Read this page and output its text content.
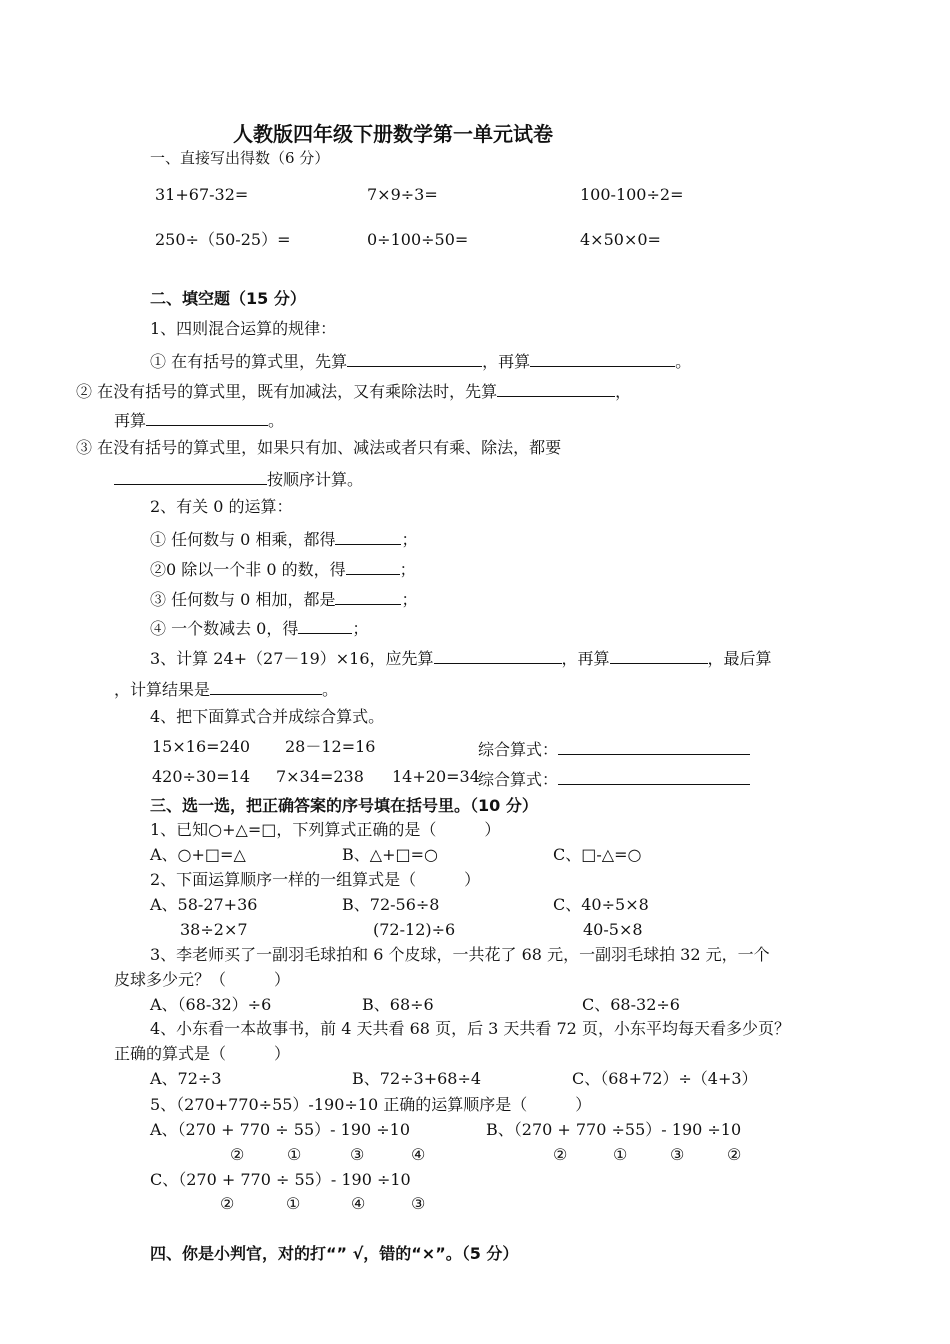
人教版四年级下册数学第一单元试卷
一、直接写出得数（6 分）
31+67-32=	7×9÷3=	100-100÷2=
250÷（50-25）=	0÷100÷50=	4×50×0=
二、填空题（15 分）
1、四则混合运算的规律：
① 在有括号的算式里，先算	，再算	。
② 在没有括号的算式里，既有加减法，又有乘除法时，先算	，
再算	。
③ 在没有括号的算式里，如果只有加、减法或者只有乘、除法，都要
按顺序计算。
2、有关 0 的运算：
① 任何数与 0 相乘，都得	；
②0 除以一个非 0 的数，得	；
③ 任何数与 0 相加，都是	；
④ 一个数减去 0，得	；
3、计算 24+（27－19）×16，应先算	，再算	，最后算
，计算结果是	。
4、把下面算式合并成综合算式。
15×16=240 28－12=16	综合算式：
420÷30=14 7×34=238 14+20=34
综合算式：
三、选一选，把正确答案的序号填在括号里。（10 分）
1、已知○+△=□，下列算式正确的是（　　　）
A、○+□=△	B、△+□=○	C、□-△=○
2、下面运算顺序一样的一组算式是（　　　）
A、58-27+36	B、72-56÷8	C、40÷5×8
38÷2×7	(72-12)÷6	40-5×8
3、李老师买了一副羽毛球拍和 6 个皮球，一共花了 68 元，一副羽毛球拍 32 元，一个
皮球多少元？（　　　）
A、（68-32）÷6	B、68÷6	C、68-32÷6
4、小东看一本故事书，前 4 天共看 68 页，后 3 天共看 72 页，小东平均每天看多少页？
正确的算式是（　　　）
A、72÷3	B、72÷3+68÷4	C、（68+72）÷（4+3）
5、（270+770÷55）-190÷10 正确的运算顺序是（　　　）
A、（270 + 770 ÷ 55）- 190 ÷10	B、（270 + 770 ÷55）- 190 ÷10
②	①	③	④	②	①	③	②
C、（270 + 770 ÷ 55）- 190 ÷10
②	①	④	③
四、你是小判官，对的打“” √，错的“×”。（5 分）
